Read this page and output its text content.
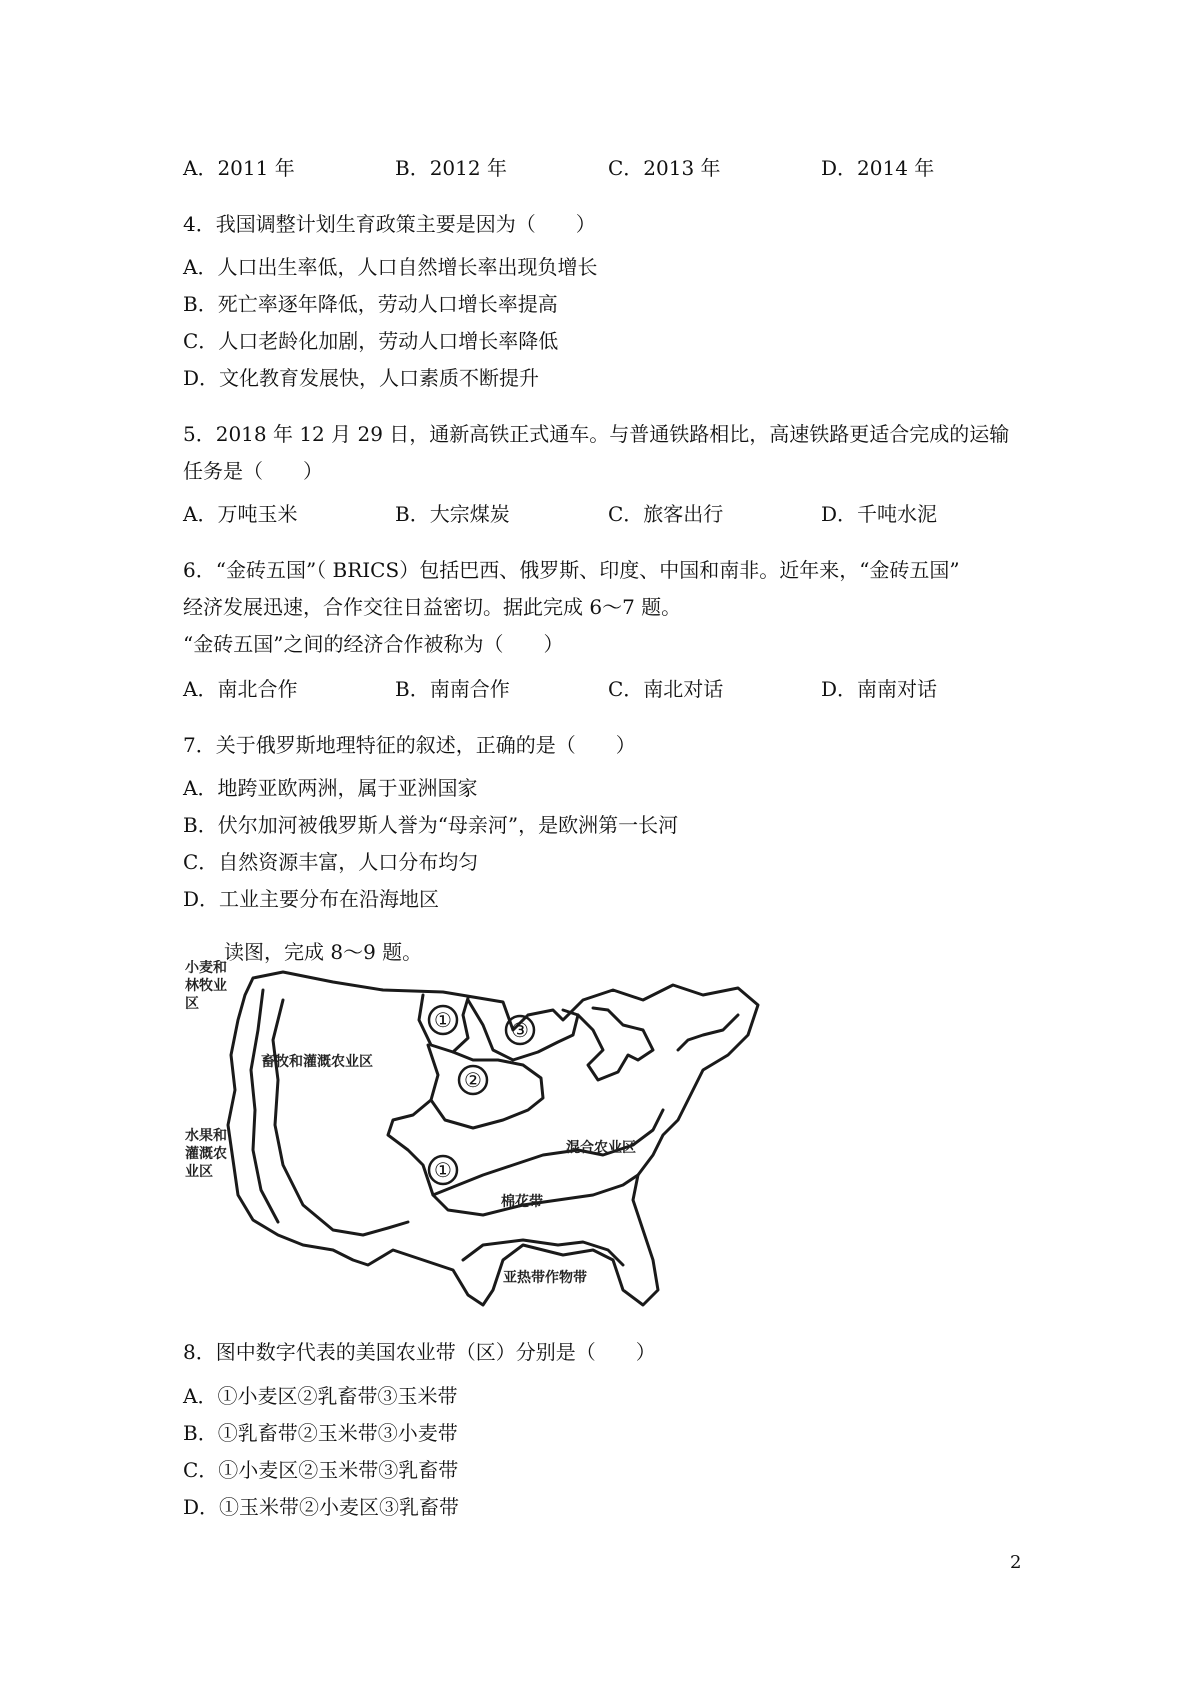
A．2011 年	B．2012 年	C．2013 年	D．2014 年
4．我国调整计划生育政策主要是因为（　　）
A．人口出生率低，人口自然增长率出现负增长
B．死亡率逐年降低，劳动人口增长率提高
C．人口老龄化加剧，劳动人口增长率降低
D．文化教育发展快，人口素质不断提升
5．2018 年 12 月 29 日，通新高铁正式通车。与普通铁路相比，高速铁路更适合完成的运输
任务是（　　）
A．万吨玉米	B．大宗煤炭	C．旅客出行	D．千吨水泥
6．“金砖五国”（ BRICS）包括巴西、俄罗斯、印度、中国和南非。近年来，“金砖五国”
经济发展迅速，合作交往日益密切。据此完成 6～7 题。
“金砖五国”之间的经济合作被称为（　　）
A．南北合作	B．南南合作	C．南北对话	D．南南对话
7．关于俄罗斯地理特征的叙述，正确的是（　　）
A．地跨亚欧两洲，属于亚洲国家
B．伏尔加河被俄罗斯人誉为“母亲河”，是欧洲第一长河
C．自然资源丰富，人口分布均匀
D．工业主要分布在沿海地区
读图，完成 8～9 题。
①	③
②
①
小麦和
林牧业
区
畜牧和灌溉农业区
水果和
灌溉农
业区
混合农业区
棉花带
亚热带作物带
8．图中数字代表的美国农业带（区）分别是（　　）
A．①小麦区②乳畜带③玉米带
B．①乳畜带②玉米带③小麦带
C．①小麦区②玉米带③乳畜带
D．①玉米带②小麦区③乳畜带
2
